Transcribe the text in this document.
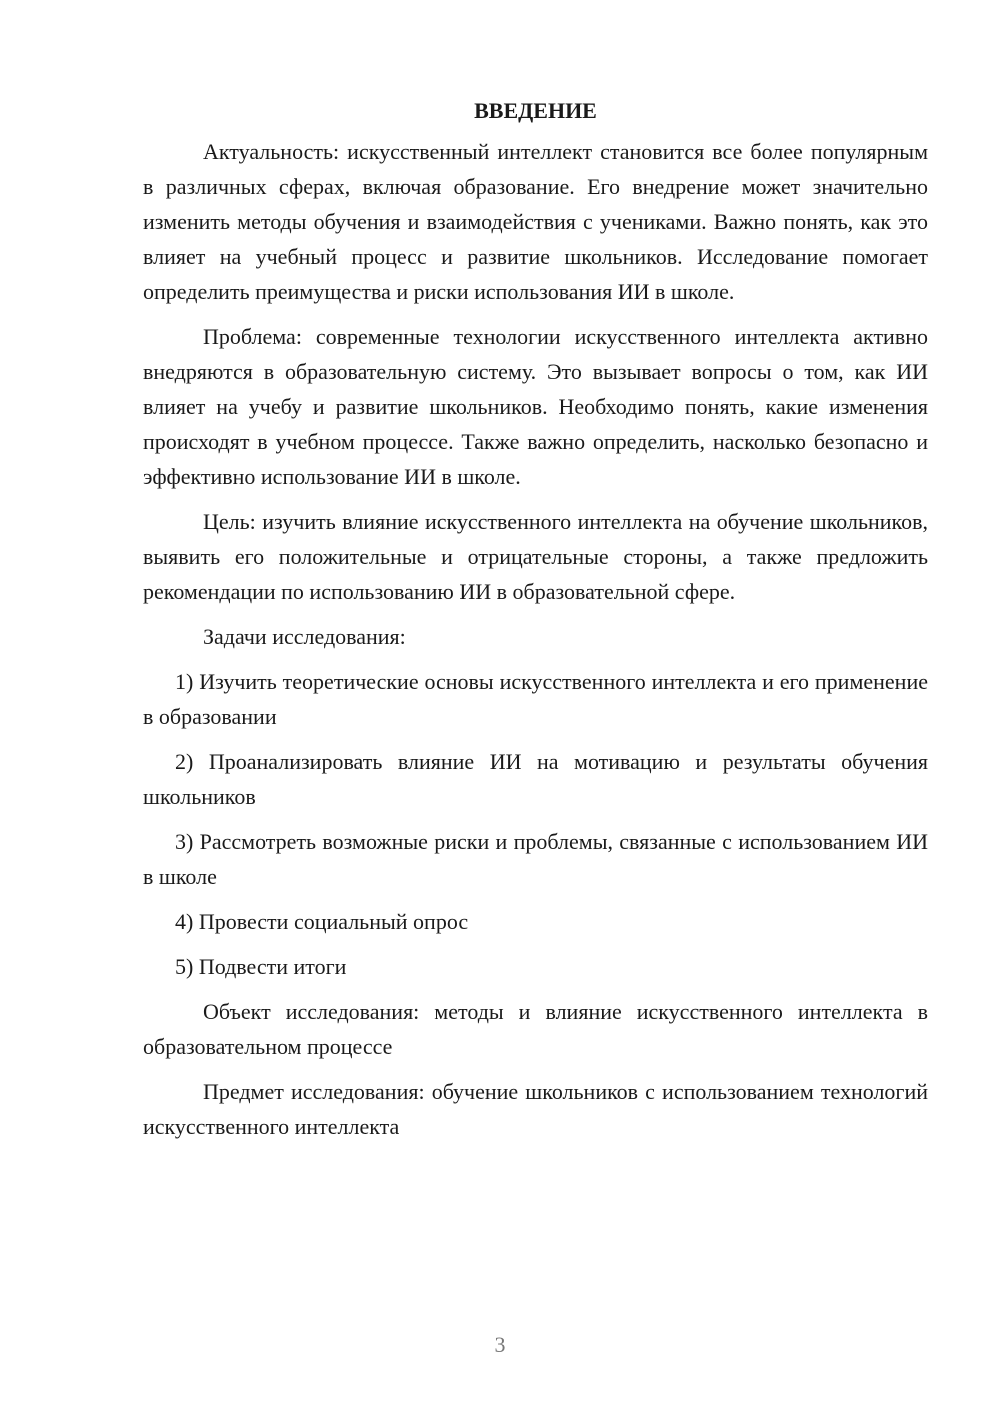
ВВЕДЕНИЕ

Актуальность: искусственный интеллект становится все более популярным в различных сферах, включая образование. Его внедрение может значительно изменить методы обучения и взаимодействия с учениками. Важно понять, как это влияет на учебный процесс и развитие школьников. Исследование помогает определить преимущества и риски использования ИИ в школе.

Проблема: современные технологии искусственного интеллекта активно внедряются в образовательную систему. Это вызывает вопросы о том, как ИИ влияет на учебу и развитие школьников. Необходимо понять, какие изменения происходят в учебном процессе. Также важно определить, насколько безопасно и эффективно использование ИИ в школе.

Цель: изучить влияние искусственного интеллекта на обучение школьников, выявить его положительные и отрицательные стороны, а также предложить рекомендации по использованию ИИ в образовательной сфере.

Задачи исследования:

1) Изучить теоретические основы искусственного интеллекта и его применение в образовании

2) Проанализировать влияние ИИ на мотивацию и результаты обучения школьников

3) Рассмотреть возможные риски и проблемы, связанные с использованием ИИ в школе

4) Провести социальный опрос

5) Подвести итоги

Объект исследования: методы и влияние искусственного интеллекта в образовательном процессе

Предмет исследования: обучение школьников с использованием технологий искусственного интеллекта

3
